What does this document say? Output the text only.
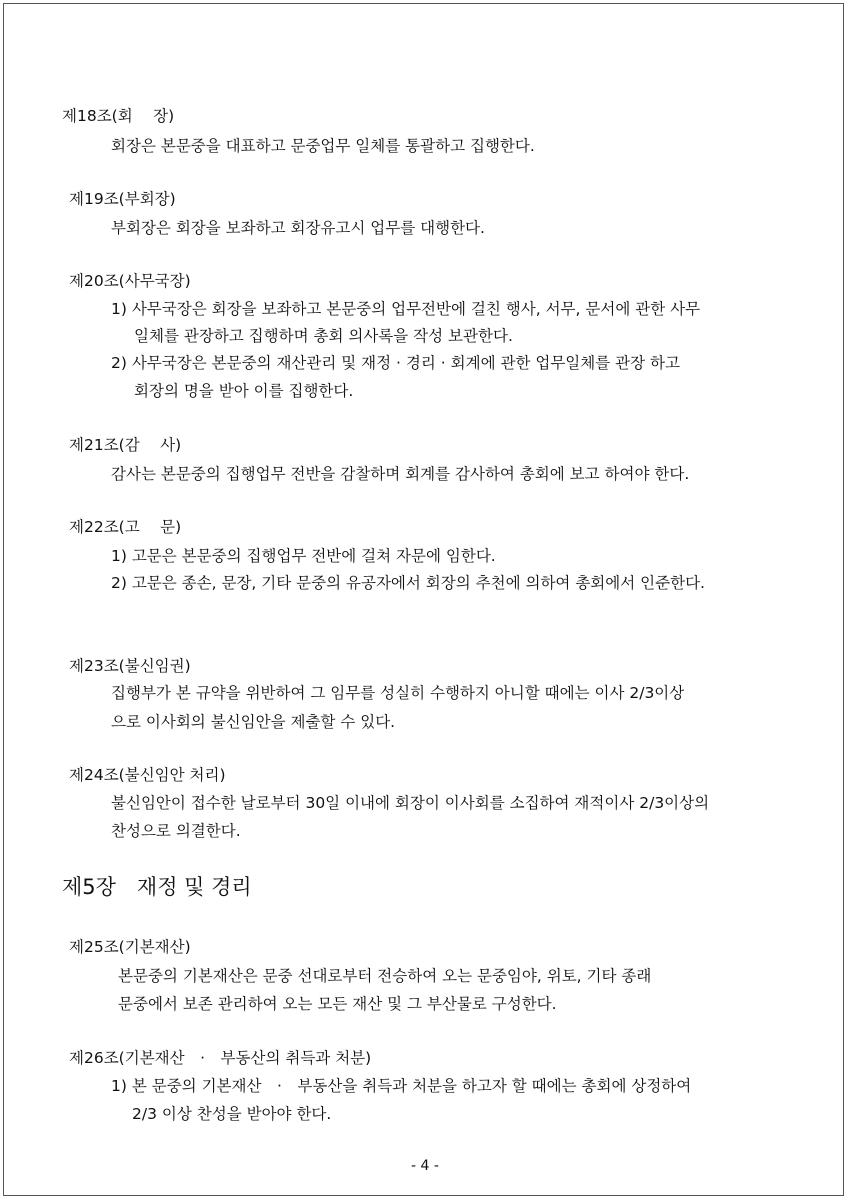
제18조(회　 장)
회장은 본문중을 대표하고 문중업무 일체를 통괄하고 집행한다.
제19조(부회장)
부회장은 회장을 보좌하고 회장유고시 업무를 대행한다.
제20조(사무국장)
1) 사무국장은 회장을 보좌하고 본문중의 업무전반에 걸친 행사, 서무, 문서에 관한 사무
일체를 관장하고 집행하며 총회 의사록을 작성 보관한다.
2) 사무국장은 본문중의 재산관리 및 재정 · 경리 · 회계에 관한 업무일체를 관장 하고
회장의 명을 받아 이를 집행한다.
제21조(감　 사)
감사는 본문중의 집행업무 전반을 감찰하며 회계를 감사하여 총회에 보고 하여야 한다.
제22조(고　 문)
1) 고문은 본문중의 집행업무 전반에 걸쳐 자문에 임한다.
2) 고문은 종손, 문장, 기타 문중의 유공자에서 회장의 추천에 의하여 총회에서 인준한다.
제23조(불신임권)
집행부가 본 규약을 위반하여 그 임무를 성실히 수행하지 아니할 때에는 이사 2/3이상
으로 이사회의 불신임안을 제출할 수 있다.
제24조(불신임안 처리)
불신임안이 접수한 날로부터 30일 이내에 회장이 이사회를 소집하여 재적이사 2/3이상의
찬성으로 의결한다.
제5장　재정 및 경리
제25조(기본재산)
본문중의 기본재산은 문중 선대로부터 전승하여 오는 문중임야, 위토, 기타 종래
문중에서 보존 관리하여 오는 모든 재산 및 그 부산물로 구성한다.
제26조(기본재산　·　부동산의 취득과 처분)
1) 본 문중의 기본재산　·　부동산을 취득과 처분을 하고자 할 때에는 총회에 상정하여
2/3 이상 찬성을 받아야 한다.
- 4 -
